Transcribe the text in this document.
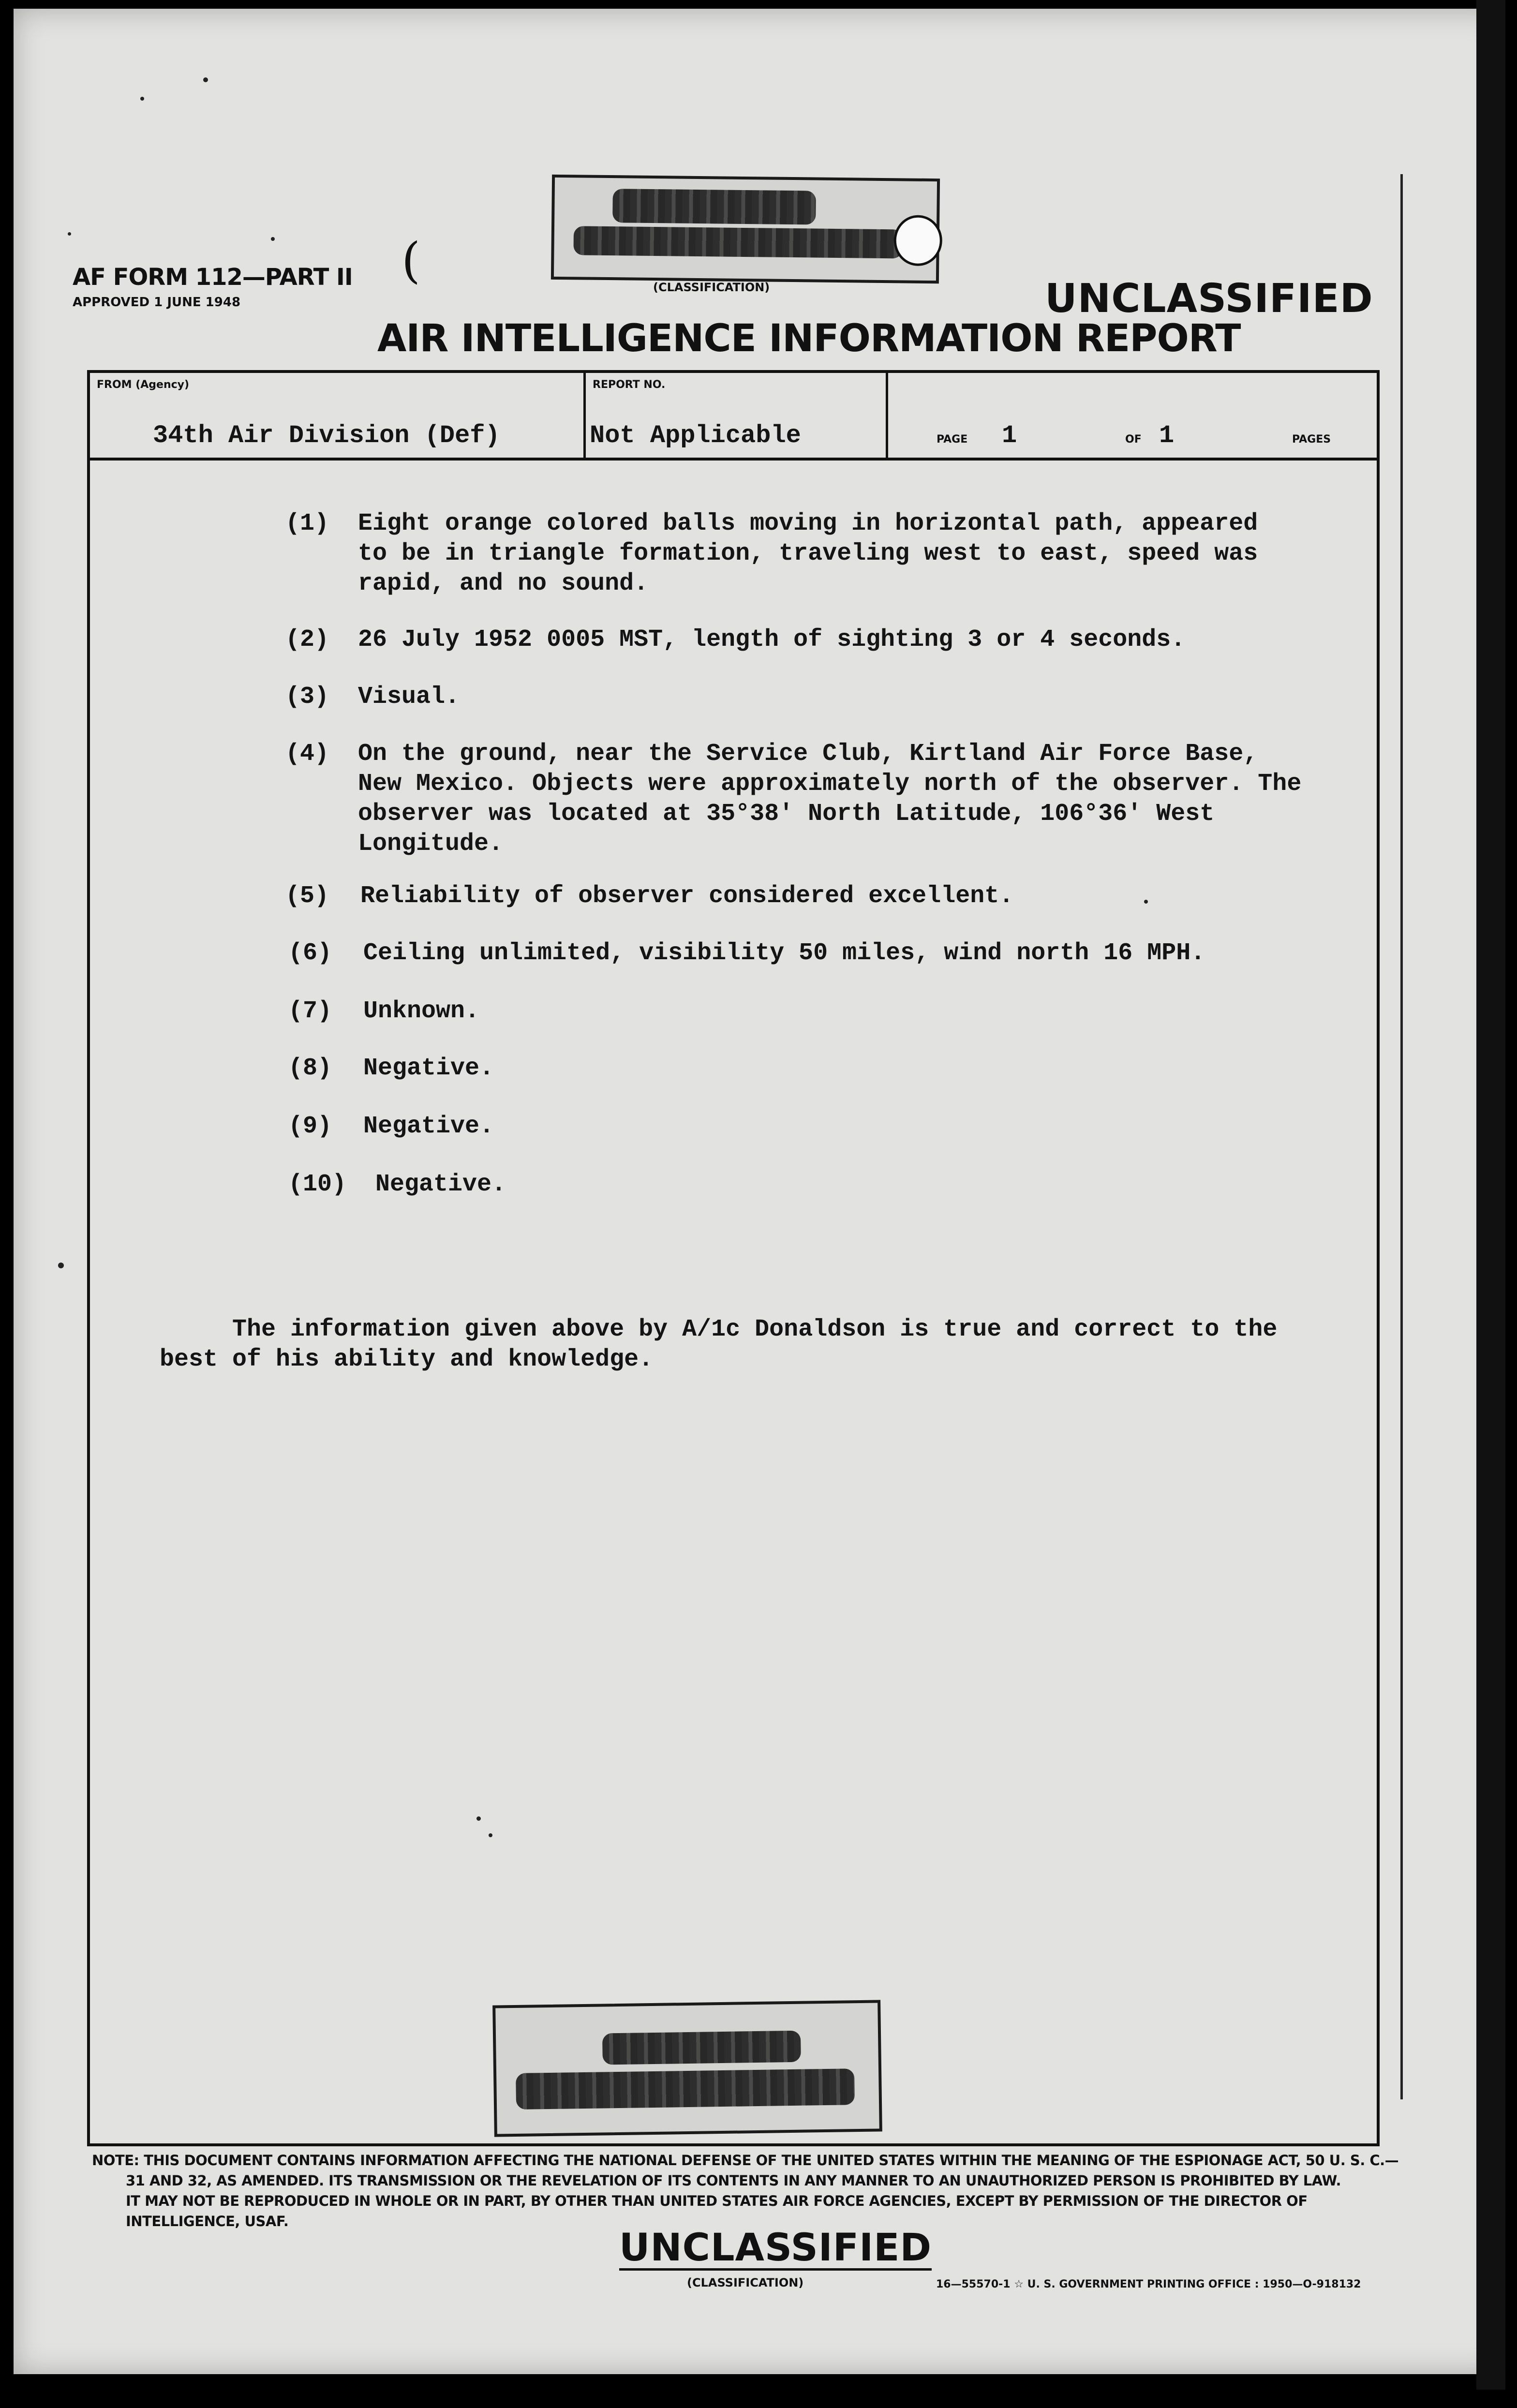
AF FORM 112—PART II
APPROVED 1 JUNE 1948
(	(CLASSIFICATION)	UNCLASSIFIED
AIR INTELLIGENCE INFORMATION REPORT
FROM (Agency)
34th Air Division (Def)
REPORT NO.
Not Applicable	PAGE 1	OF 1	PAGES
(1) Eight orange colored balls moving in horizontal path, appeared
to be in triangle formation, traveling west to east, speed was
rapid, and no sound.
(2) 26 July 1952 0005 MST, length of sighting 3 or 4 seconds.
(3) Visual.
(4) On the ground, near the Service Club, Kirtland Air Force Base,
New Mexico. Objects were approximately north of the observer. The
observer was located at 35°38' North Latitude, 106°36' West
Longitude.
(5) Reliability of observer considered excellent.
(6) Ceiling unlimited, visibility 50 miles, wind north 16 MPH.
(7) Unknown.
(8) Negative.
(9) Negative.
(10) Negative.
The information given above by A/1c Donaldson is true and correct to the
best of his ability and knowledge.
NOTE: THIS DOCUMENT CONTAINS INFORMATION AFFECTING THE NATIONAL DEFENSE OF THE UNITED STATES WITHIN THE MEANING OF THE ESPIONAGE ACT, 50 U. S. C.—
31 AND 32, AS AMENDED. ITS TRANSMISSION OR THE REVELATION OF ITS CONTENTS IN ANY MANNER TO AN UNAUTHORIZED PERSON IS PROHIBITED BY LAW.
IT MAY NOT BE REPRODUCED IN WHOLE OR IN PART, BY OTHER THAN UNITED STATES AIR FORCE AGENCIES, EXCEPT BY PERMISSION OF THE DIRECTOR OF
INTELLIGENCE, USAF.
UNCLASSIFIED
(CLASSIFICATION)	16—55570-1 ☆ U. S. GOVERNMENT PRINTING OFFICE : 1950—O-918132
